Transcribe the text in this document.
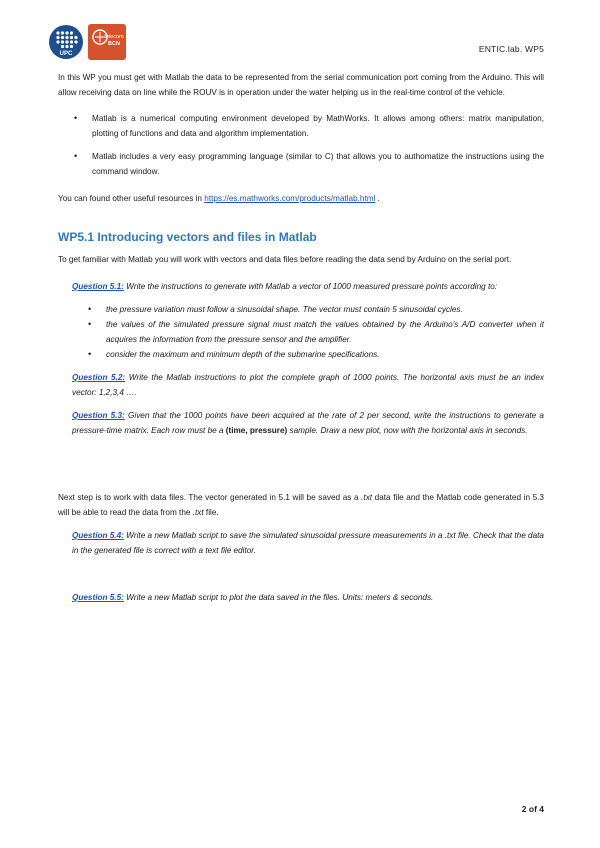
UPC
telecom
BCN	ENTIC.lab. WP5

In this WP you must get with Matlab the data to be represented from the serial communication port coming from the Arduino. This will allow receiving data on line while the ROUV is in operation under the water helping us in the real-time control of the vehicle.

• Matlab is a numerical computing environment developed by MathWorks. It allows among others: matrix manipulation, plotting of functions and data and algorithm implementation.
• Matlab includes a very easy programming language (similar to C) that allows you to authomatize the instructions using the command window.

You can found other useful resources in https://es.mathworks.com/products/matlab.html .

WP5.1 Introducing vectors and files in Matlab

To get familiar with Matlab you will work with vectors and data files before reading the data send by Arduino on the serial port.

Question 5.1: Write the instructions to generate with Matlab a vector of 1000 measured pressure points according to:

• the pressure variation must follow a sinusoidal shape. The vector must contain 5 sinusoidal cycles.
• the values of the simulated pressure signal must match the values obtained by the Arduino’s A/D converter when it acquires the information from the pressure sensor and the amplifier.
• consider the maximum and minimum depth of the submarine specifications.

Question 5.2: Write the Matlab instructions to plot the complete graph of 1000 points. The horizontal axis must be an index vector: 1,2,3,4 ….

Question 5.3: Given that the 1000 points have been acquired at the rate of 2 per second, write the instructions to generate a pressure-time matrix. Each row must be a (time, pressure) sample. Draw a new plot, now with the horizontal axis in seconds.

Next step is to work with data files. The vector generated in 5.1 will be saved as a .txt data file and the Matlab code generated in 5.3 will be able to read the data from the .txt file.

Question 5.4: Write a new Matlab script to save the simulated sinusoidal pressure measurements in a .txt file. Check that the data in the generated file is correct with a text file editor.

Question 5.5: Write a new Matlab script to plot the data saved in the files. Units: meters & seconds.

2 of 4
